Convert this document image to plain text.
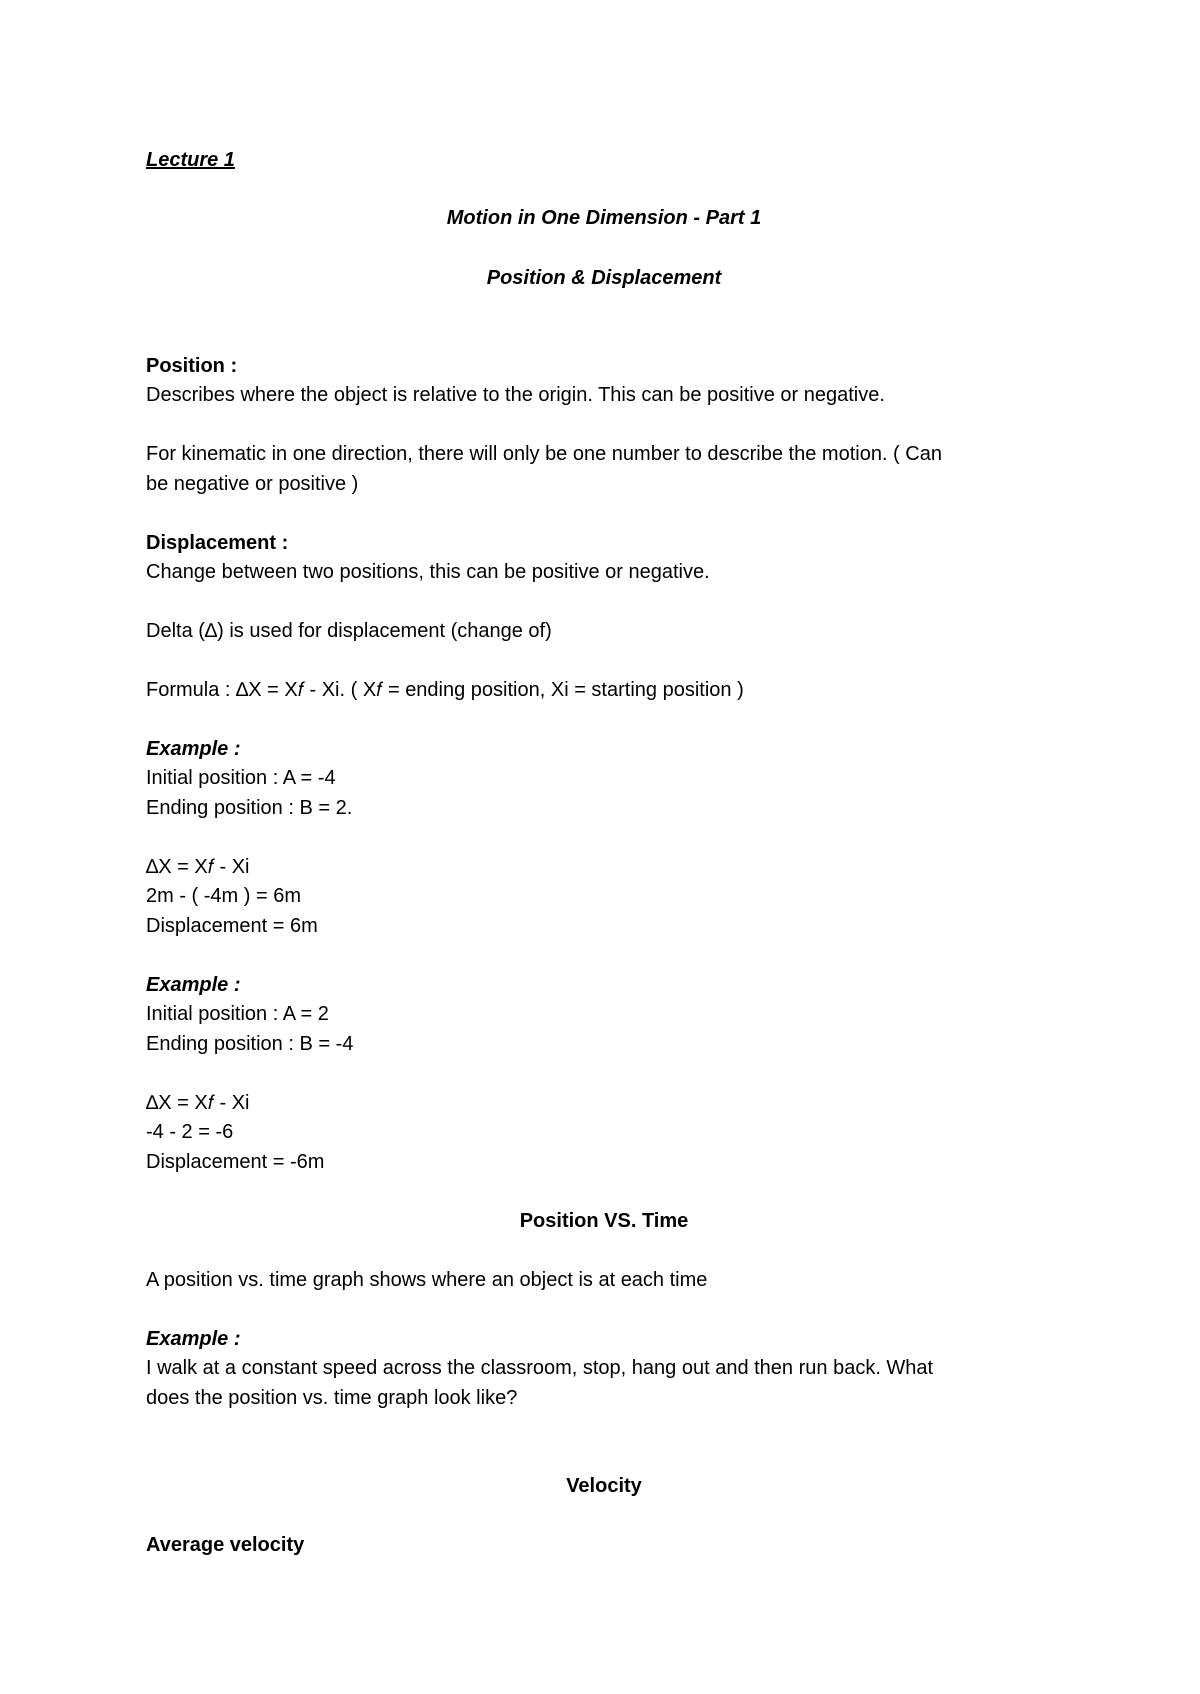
Lecture 1
Motion in One Dimension - Part 1
Position & Displacement
Position :
Describes where the object is relative to the origin. This can be positive or negative.
For kinematic in one direction, there will only be one number to describe the motion. ( Can
be negative or positive )
Displacement :
Change between two positions, this can be positive or negative.
Delta (∆) is used for displacement (change of)
Formula : ∆X = X𝑓 - Xi. ( X𝑓 = ending position, Xi = starting position )
Example :
Initial position : A = -4
Ending position : B = 2.
∆X = X𝑓 - Xi
2m - ( -4m ) = 6m
Displacement = 6m
Example :
Initial position : A = 2
Ending position : B = -4
∆X = X𝑓 - Xi
-4 - 2 = -6
Displacement = -6m
Position VS. Time
A position vs. time graph shows where an object is at each time
Example :
I walk at a constant speed across the classroom, stop, hang out and then run back. What
does the position vs. time graph look like?
Velocity
Average velocity
